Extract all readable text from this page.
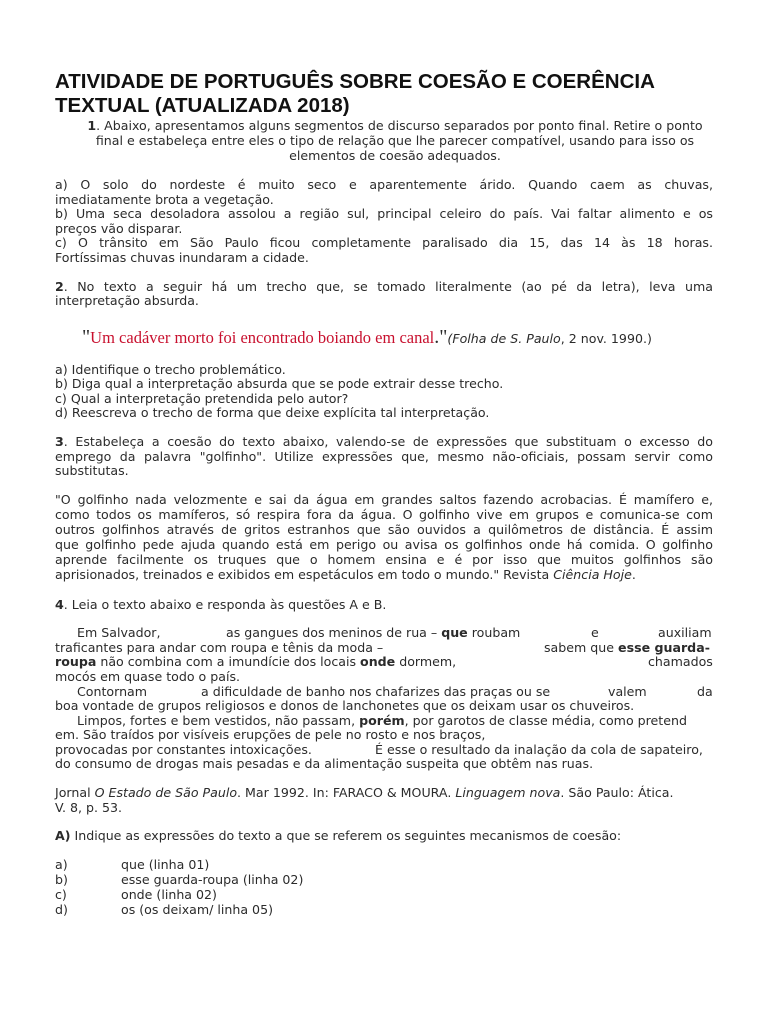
ATIVIDADE DE PORTUGUÊS SOBRE COESÃO E COERÊNCIA
TEXTUAL (ATUALIZADA 2018)
1. Abaixo, apresentamos alguns segmentos de discurso separados por ponto final. Retire o ponto
final e estabeleça entre eles o tipo de relação que lhe parecer compatível, usando para isso os
elementos de coesão adequados.
a) O solo do nordeste é muito seco e aparentemente árido. Quando caem as chuvas,
imediatamente brota a vegetação.
b) Uma seca desoladora assolou a região sul, principal celeiro do país. Vai faltar alimento e os
preços vão disparar.
c) O trânsito em São Paulo ficou completamente paralisado dia 15, das 14 às 18 horas.
Fortíssimas chuvas inundaram a cidade.
2. No texto a seguir há um trecho que, se tomado literalmente (ao pé da letra), leva uma
interpretação absurda.
"Um cadáver morto foi encontrado boiando em canal."(Folha de S. Paulo, 2 nov. 1990.)
a) Identifique o trecho problemático.
b) Diga qual a interpretação absurda que se pode extrair desse trecho.
c) Qual a interpretação pretendida pelo autor?
d) Reescreva o trecho de forma que deixe explícita tal interpretação.
3. Estabeleça a coesão do texto abaixo, valendo-se de expressões que substituam o excesso do
emprego da palavra "golfinho". Utilize expressões que, mesmo não-oficiais, possam servir como
substitutas.
"O golfinho nada velozmente e sai da água em grandes saltos fazendo acrobacias. É mamífero e,
como todos os mamíferos, só respira fora da água. O golfinho vive em grupos e comunica-se com
outros golfinhos através de gritos estranhos que são ouvidos a quilômetros de distância. É assim
que golfinho pede ajuda quando está em perigo ou avisa os golfinhos onde há comida. O golfinho
aprende facilmente os truques que o homem ensina e é por isso que muitos golfinhos são
aprisionados, treinados e exibidos em espetáculos em todo o mundo." Revista Ciência Hoje.
4. Leia o texto abaixo e responda às questões A e B.
Em Salvador,	as gangues dos meninos de rua – que roubam	e	auxiliam
traficantes para andar com roupa e tênis da moda –	sabem que esse guarda-
roupa não combina com a imundície dos locais onde dormem,	chamados
mocós em quase todo o país.
Contornam	a dificuldade de banho nos chafarizes das praças ou se	valem	da
boa vontade de grupos religiosos e donos de lanchonetes que os deixam usar os chuveiros.
Limpos, fortes e bem vestidos, não passam, porém, por garotos de classe média, como pretend
em. São traídos por visíveis erupções de pele no rosto e nos braços,
provocadas por constantes intoxicações.	É esse o resultado da inalação da cola de sapateiro,
do consumo de drogas mais pesadas e da alimentação suspeita que obtêm nas ruas.
Jornal O Estado de São Paulo. Mar 1992. In: FARACO & MOURA. Linguagem nova. São Paulo: Ática.
V. 8, p. 53.
A) Indique as expressões do texto a que se referem os seguintes mecanismos de coesão:
a)	que (linha 01)
b)	esse guarda-roupa (linha 02)
c)	onde (linha 02)
d)	os (os deixam/ linha 05)
